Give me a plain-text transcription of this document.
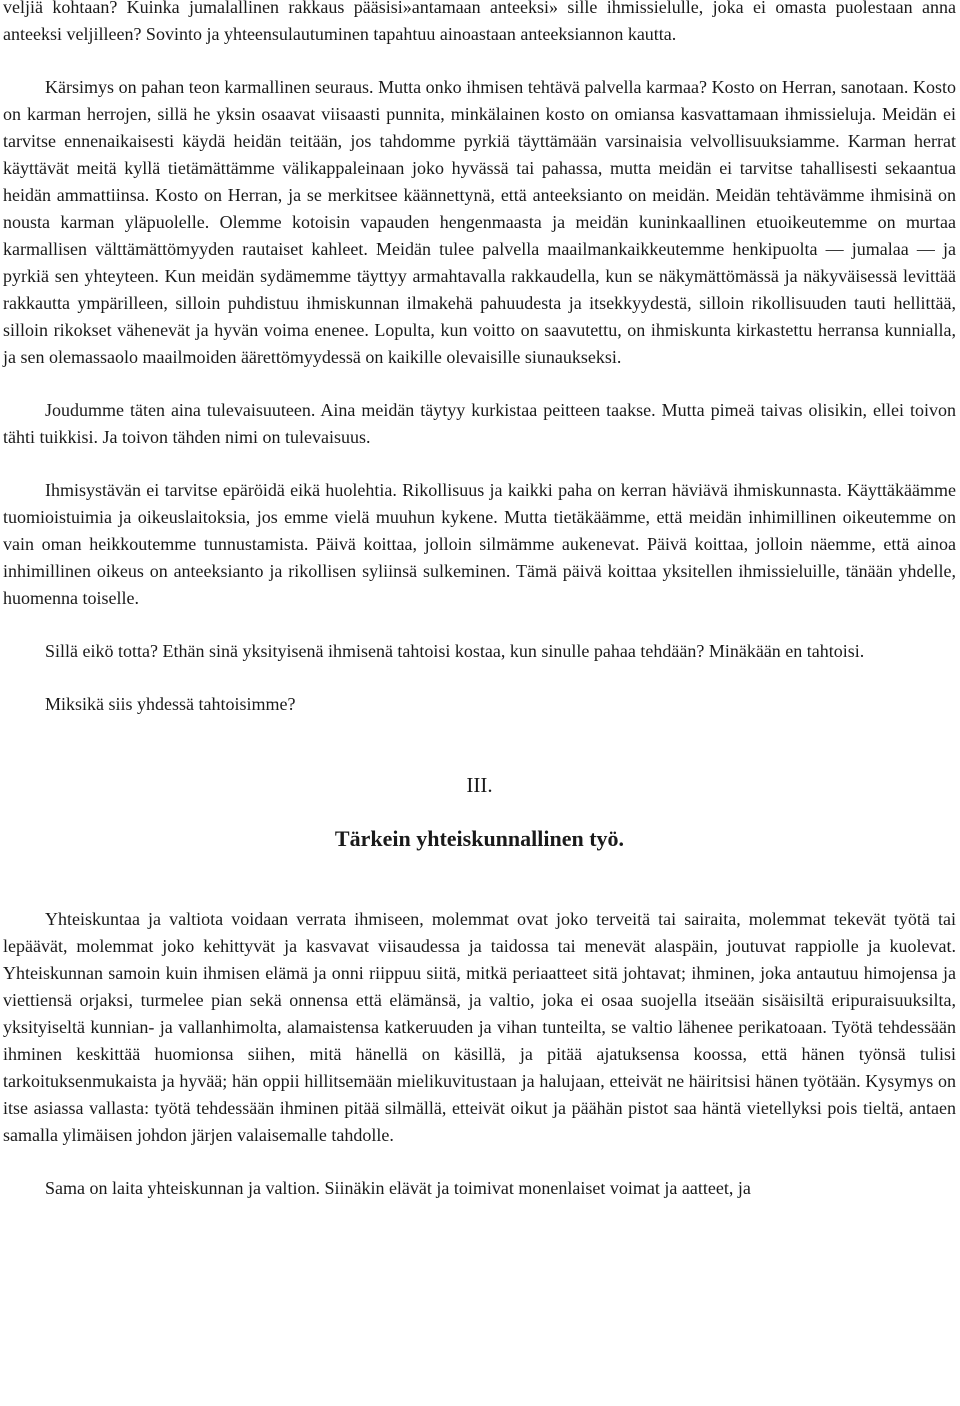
veljiä kohtaan? Kuinka jumalallinen rakkaus pääsisi»antamaan anteeksi» sille ihmissielulle, joka ei omasta puolestaan anna anteeksi veljilleen? Sovinto ja yhteensulautuminen tapahtuu ainoastaan anteeksiannon kautta.

Kärsimys on pahan teon karmallinen seuraus. Mutta onko ihmisen tehtävä palvella karmaa? Kosto on Herran, sanotaan. Kosto on karman herrojen, sillä he yksin osaavat viisaasti punnita, minkälainen kosto on omiansa kasvattamaan ihmissieluja. Meidän ei tarvitse ennenaikaisesti käydä heidän teitään, jos tahdomme pyrkiä täyttämään varsinaisia velvollisuuksiamme. Karman herrat käyttävät meitä kyllä tietämättämme välikappaleinaan joko hyvässä tai pahassa, mutta meidän ei tarvitse tahallisesti sekaantua heidän ammattiinsa. Kosto on Herran, ja se merkitsee käännettynä, että anteeksianto on meidän. Meidän tehtävämme ihmisinä on nousta karman yläpuolelle. Olemme kotoisin vapauden hengenmaasta ja meidän kuninkaallinen etuoikeutemme on murtaa karmallisen välttämättömyyden rautaiset kahleet. Meidän tulee palvella maailmankaikkeutemme henkipuolta — jumalaa — ja pyrkiä sen yhteyteen. Kun meidän sydämemme täyttyy armahtavalla rakkaudella, kun se näkymättömässä ja näkyväisessä levittää rakkautta ympärilleen, silloin puhdistuu ihmiskunnan ilmakehä pahuudesta ja itsekkyydestä, silloin rikollisuuden tauti hellittää, silloin rikokset vähenevät ja hyvän voima enenee. Lopulta, kun voitto on saavutettu, on ihmiskunta kirkastettu herransa kunnialla, ja sen olemassaolo maailmoiden äärettömyydessä on kaikille olevaisille siunaukseksi.

Joudumme täten aina tulevaisuuteen. Aina meidän täytyy kurkistaa peitteen taakse. Mutta pimeä taivas olisikin, ellei toivon tähti tuikkisi. Ja toivon tähden nimi on tulevaisuus.

Ihmisystävän ei tarvitse epäröidä eikä huolehtia. Rikollisuus ja kaikki paha on kerran häviävä ihmiskunnasta. Käyttäkäämme tuomioistuimia ja oikeuslaitoksia, jos emme vielä muuhun kykene. Mutta tietäkäämme, että meidän inhimillinen oikeutemme on vain oman heikkoutemme tunnustamista. Päivä koittaa, jolloin silmämme aukenevat. Päivä koittaa, jolloin näemme, että ainoa inhimillinen oikeus on anteeksianto ja rikollisen syliinsä sulkeminen. Tämä päivä koittaa yksitellen ihmissieluille, tänään yhdelle, huomenna toiselle.

Sillä eikö totta? Ethän sinä yksityisenä ihmisenä tahtoisi kostaa, kun sinulle pahaa tehdään? Minäkään en tahtoisi.

Miksikä siis yhdessä tahtoisimme?

III.

Tärkein yhteiskunnallinen työ.

Yhteiskuntaa ja valtiota voidaan verrata ihmiseen, molemmat ovat joko terveitä tai sairaita, molemmat tekevät työtä tai lepäävät, molemmat joko kehittyvät ja kasvavat viisaudessa ja taidossa tai menevät alaspäin, joutuvat rappiolle ja kuolevat. Yhteiskunnan samoin kuin ihmisen elämä ja onni riippuu siitä, mitkä periaatteet sitä johtavat; ihminen, joka antautuu himojensa ja viettiensä orjaksi, turmelee pian sekä onnensa että elämänsä, ja valtio, joka ei osaa suojella itseään sisäisiltä eripuraisuuksilta, yksityiseltä kunnian- ja vallanhimolta, alamaistensa katkeruuden ja vihan tunteilta, se valtio lähenee perikatoaan. Työtä tehdessään ihminen keskittää huomionsa siihen, mitä hänellä on käsillä, ja pitää ajatuksensa koossa, että hänen työnsä tulisi tarkoituksenmukaista ja hyvää; hän oppii hillitsemään mielikuvitustaan ja halujaan, etteivät ne häiritsisi hänen työtään. Kysymys on itse asiassa vallasta: työtä tehdessään ihminen pitää silmällä, etteivät oikut ja päähän pistot saa häntä vietellyksi pois tieltä, antaen samalla ylimäisen johdon järjen valaisemalle tahdolle.

Sama on laita yhteiskunnan ja valtion. Siinäkin elävät ja toimivat monenlaiset voimat ja aatteet, ja
